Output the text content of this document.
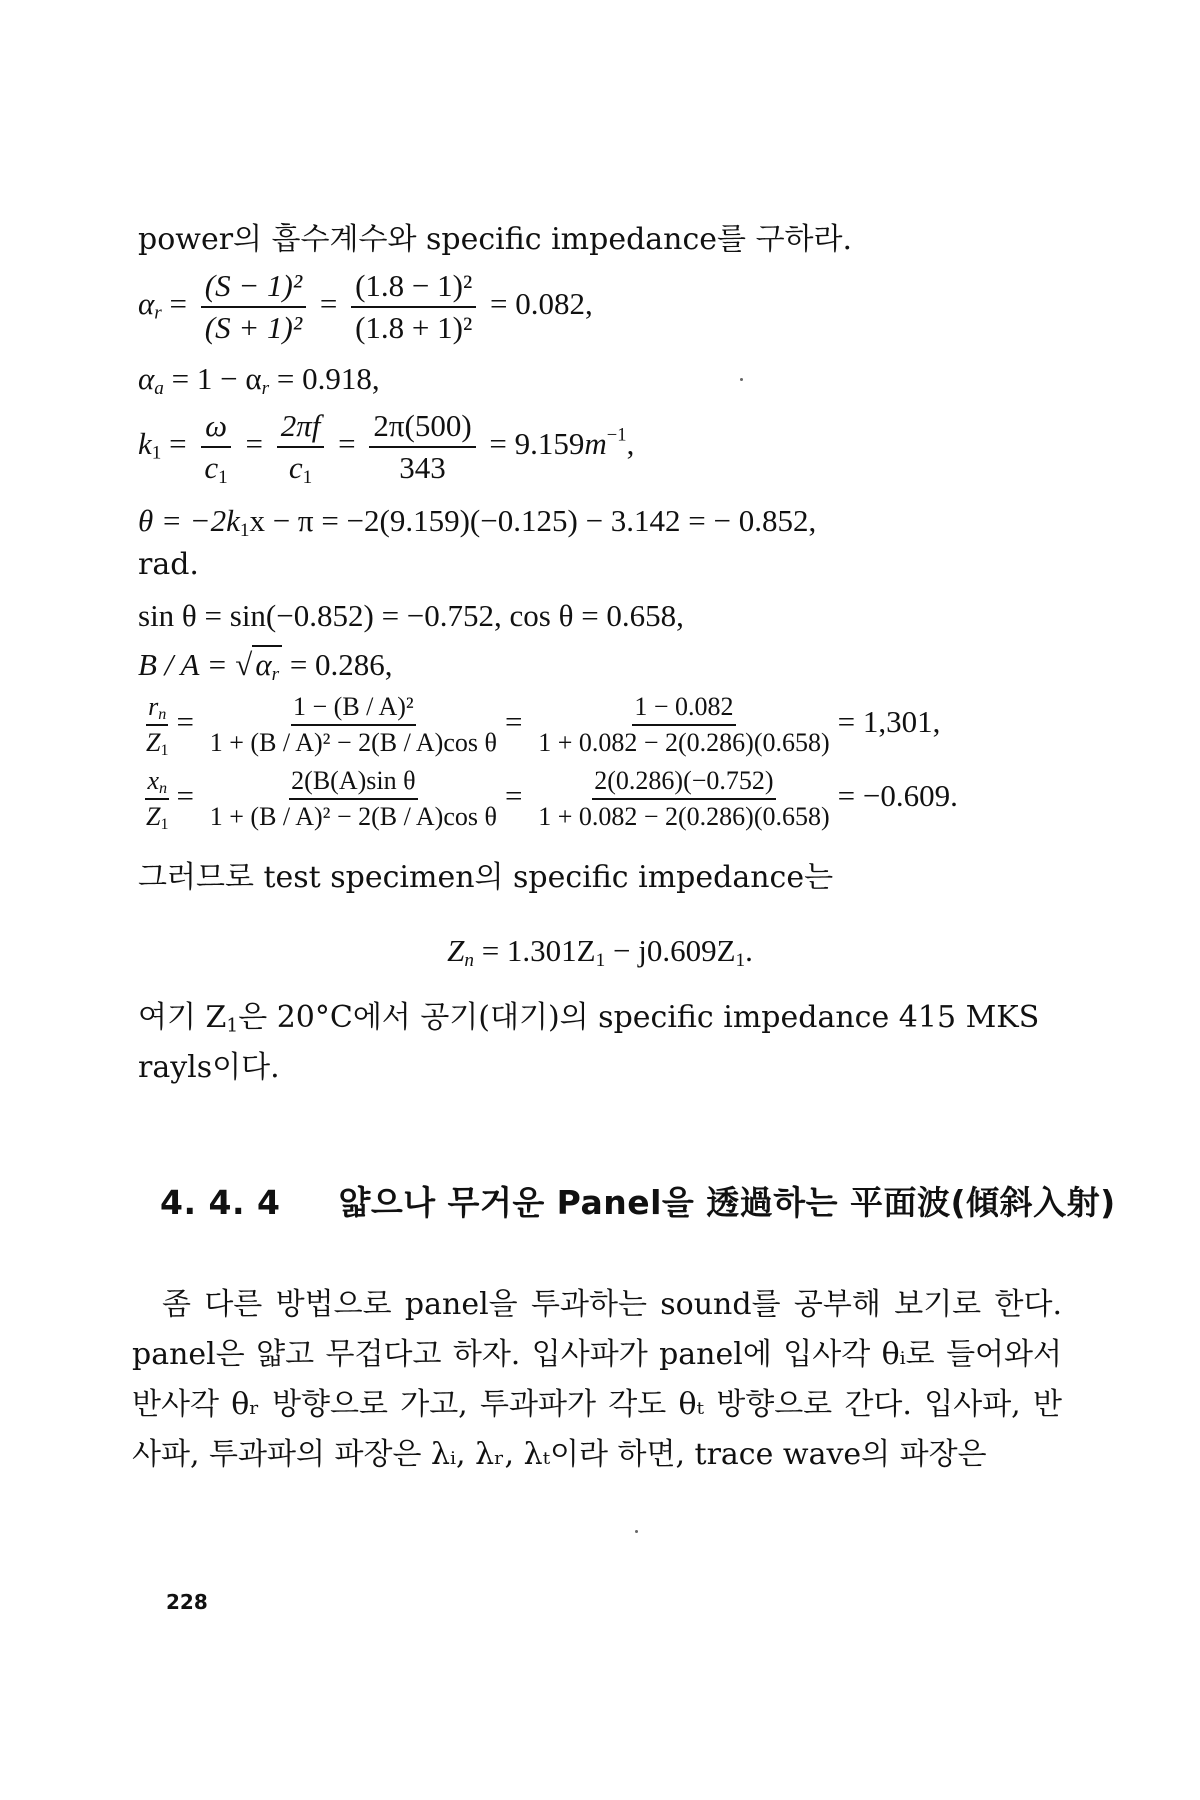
power의 흡수계수와 specific impedance를 구하라.
$\alpha_r = \frac{\text{(S − 1)²}}{\text{(S + 1)²}} = \frac{\text{(1.8 − 1)²}}{\text{(1.8 + 1)²}} = 0.082$,
$\alpha_a = 1 - \alpha_r = 0.918$,
$k_1 = \frac{\omega}{c_1} = \frac{2\pi f}{c_1} = \frac{2\pi(500)}{343} = 9.159m^{-1}$,
$\theta = -2k_1x - \pi = -2(9.159)(-0.125) - 3.142$ = − 0.852,
rad.
sin θ = sin(−0.852) = −0.752, cos θ = 0.658,
$B / A = √\alpha_r = 0.286$,
$\frac{r_n}{Z_1} = \frac{\text{1 − (B / A)²}}{\text{1 + (B / A)² − 2(B / A)cos θ}} = \frac{1 - 0.082}{1 + 0.082 - 2(0.286)(0.658)} = 1,301$,
$\frac{x_n}{Z_1} = \frac{\text{2(B(A)sin θ}}{\text{1 + (B / A)² − 2(B / A)cos θ}} = \frac{2(0.286)(-0.752)}{1 + 0.082 - 2(0.286)(0.658)} = -0.609$.
그러므로 test specimen의 specific impedance는
$Z_n = 1.301Z_1 - j0.609Z_1$.
여기 $Z_1$은 20°C에서 공기(대기)의 specific impedance 415 MKS
rayls이다.
4. 4. 4 얇으나 무거운 Panel을 透過하는 平面波(傾斜入射)
좀 다른 방법으로 panel을 투과하는 sound를 공부해 보기로 한다. panel은 얇고 무겁다고 하자. 입사파가 panel에 입사각 θᵢ로 들어와서 반사각 θᵣ 방향으로 가고, 투과파가 각도 θₜ 방향으로 간다. 입사파, 반사파, 투과파의 파장은 λᵢ, λᵣ, λₜ이라 하면, trace wave의 파장은
228
